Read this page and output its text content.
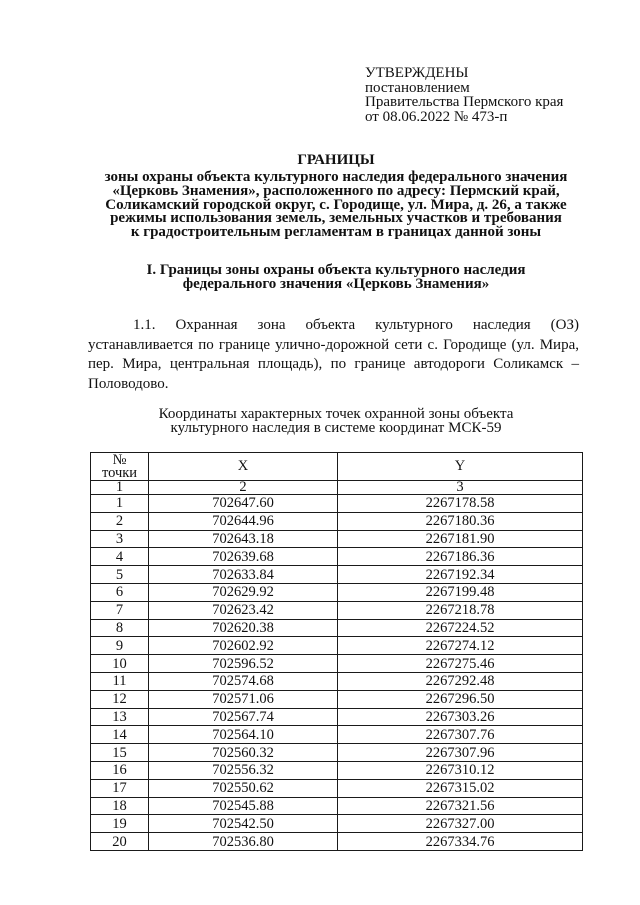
УТВЕРЖДЕНЫ
постановлением
Правительства Пермского края
от 08.06.2022 № 473-п
ГРАНИЦЫ
зоны охраны объекта культурного наследия федерального значения
«Церковь Знамения», расположенного по адресу: Пермский край,
Соликамский городской округ, с. Городище, ул. Мира, д. 26, а также
режимы использования земель, земельных участков и требования
к градостроительным регламентам в границах данной зоны
I. Границы зоны охраны объекта культурного наследия
федерального значения «Церковь Знамения»
1.1. Охранная зона объекта культурного наследия (ОЗ)
устанавливается по границе улично-дорожной сети с. Городище (ул. Мира,
пер. Мира, центральная площадь), по границе автодороги Соликамск –
Половодово.
Координаты характерных точек охранной зоны объекта
культурного наследия в системе координат МСК-59
№
точки	X	Y
1	2	3
1	702647.60	2267178.58
2	702644.96	2267180.36
3	702643.18	2267181.90
4	702639.68	2267186.36
5	702633.84	2267192.34
6	702629.92	2267199.48
7	702623.42	2267218.78
8	702620.38	2267224.52
9	702602.92	2267274.12
10	702596.52	2267275.46
11	702574.68	2267292.48
12	702571.06	2267296.50
13	702567.74	2267303.26
14	702564.10	2267307.76
15	702560.32	2267307.96
16	702556.32	2267310.12
17	702550.62	2267315.02
18	702545.88	2267321.56
19	702542.50	2267327.00
20	702536.80	2267334.76
